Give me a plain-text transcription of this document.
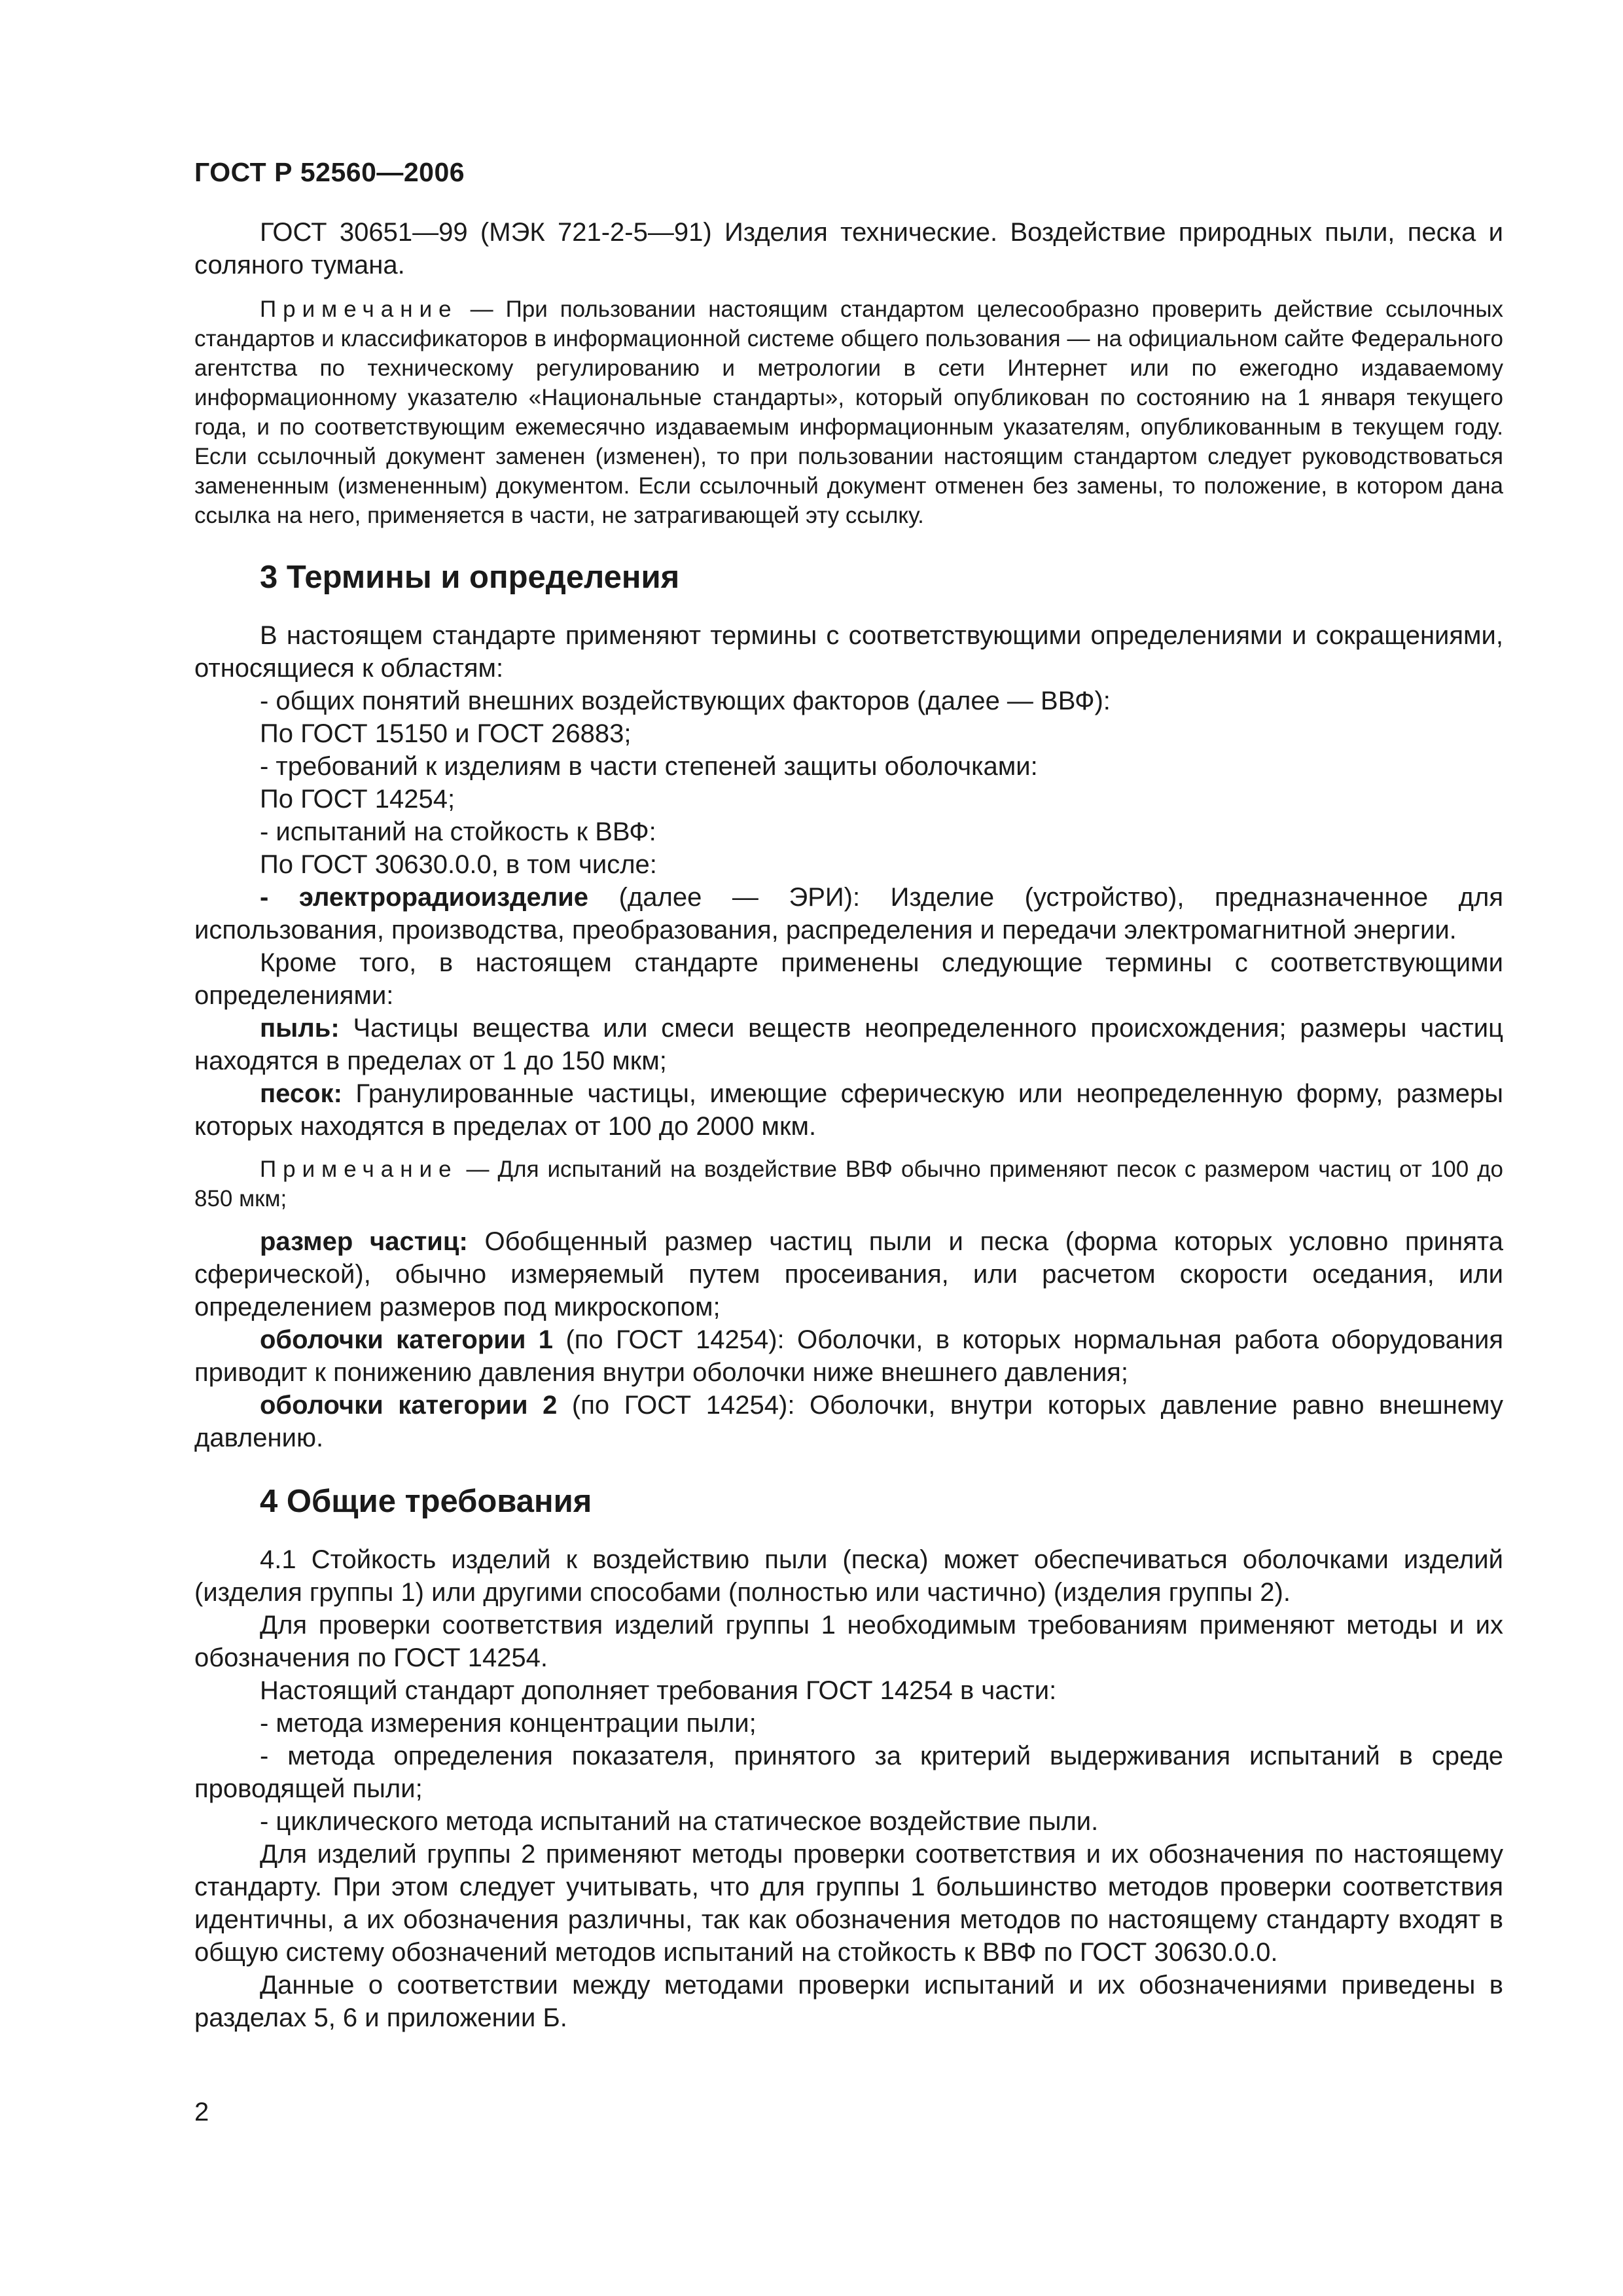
ГОСТ Р 52560—2006

ГОСТ 30651—99 (МЭК 721-2-5—91) Изделия технические. Воздействие природных пыли, песка и соляного тумана.

Примечание — При пользовании настоящим стандартом целесообразно проверить действие ссылочных стандартов и классификаторов в информационной системе общего пользования — на официальном сайте Федерального агентства по техническому регулированию и метрологии в сети Интернет или по ежегодно издаваемому информационному указателю «Национальные стандарты», который опубликован по состоянию на 1 января текущего года, и по соответствующим ежемесячно издаваемым информационным указателям, опубликованным в текущем году. Если ссылочный документ заменен (изменен), то при пользовании настоящим стандартом следует руководствоваться замененным (измененным) документом. Если ссылочный документ отменен без замены, то положение, в котором дана ссылка на него, применяется в части, не затрагивающей эту ссылку.

3 Термины и определения

В настоящем стандарте применяют термины с соответствующими определениями и сокращениями, относящиеся к областям:

- общих понятий внешних воздействующих факторов (далее — ВВФ):

По ГОСТ 15150 и ГОСТ 26883;

- требований к изделиям в части степеней защиты оболочками:

По ГОСТ 14254;

- испытаний на стойкость к ВВФ:

По ГОСТ 30630.0.0, в том числе:

- электрорадиоизделие (далее — ЭРИ): Изделие (устройство), предназначенное для использования, производства, преобразования, распределения и передачи электромагнитной энергии.

Кроме того, в настоящем стандарте применены следующие термины с соответствующими определениями:

пыль: Частицы вещества или смеси веществ неопределенного происхождения; размеры частиц находятся в пределах от 1 до 150 мкм;

песок: Гранулированные частицы, имеющие сферическую или неопределенную форму, размеры которых находятся в пределах от 100 до 2000 мкм.

Примечание — Для испытаний на воздействие ВВФ обычно применяют песок с размером частиц от 100 до 850 мкм;

размер частиц: Обобщенный размер частиц пыли и песка (форма которых условно принята сферической), обычно измеряемый путем просеивания, или расчетом скорости оседания, или определением размеров под микроскопом;

оболочки категории 1 (по ГОСТ 14254): Оболочки, в которых нормальная работа оборудования приводит к понижению давления внутри оболочки ниже внешнего давления;

оболочки категории 2 (по ГОСТ 14254): Оболочки, внутри которых давление равно внешнему давлению.

4 Общие требования

4.1 Стойкость изделий к воздействию пыли (песка) может обеспечиваться оболочками изделий (изделия группы 1) или другими способами (полностью или частично) (изделия группы 2).

Для проверки соответствия изделий группы 1 необходимым требованиям применяют методы и их обозначения по ГОСТ 14254.

Настоящий стандарт дополняет требования ГОСТ 14254 в части:

- метода измерения концентрации пыли;

- метода определения показателя, принятого за критерий выдерживания испытаний в среде проводящей пыли;

- циклического метода испытаний на статическое воздействие пыли.

Для изделий группы 2 применяют методы проверки соответствия и их обозначения по настоящему стандарту. При этом следует учитывать, что для группы 1 большинство методов проверки соответствия идентичны, а их обозначения различны, так как обозначения методов по настоящему стандарту входят в общую систему обозначений методов испытаний на стойкость к ВВФ по ГОСТ 30630.0.0.

Данные о соответствии между методами проверки испытаний и их обозначениями приведены в разделах 5, 6 и приложении Б.

2
